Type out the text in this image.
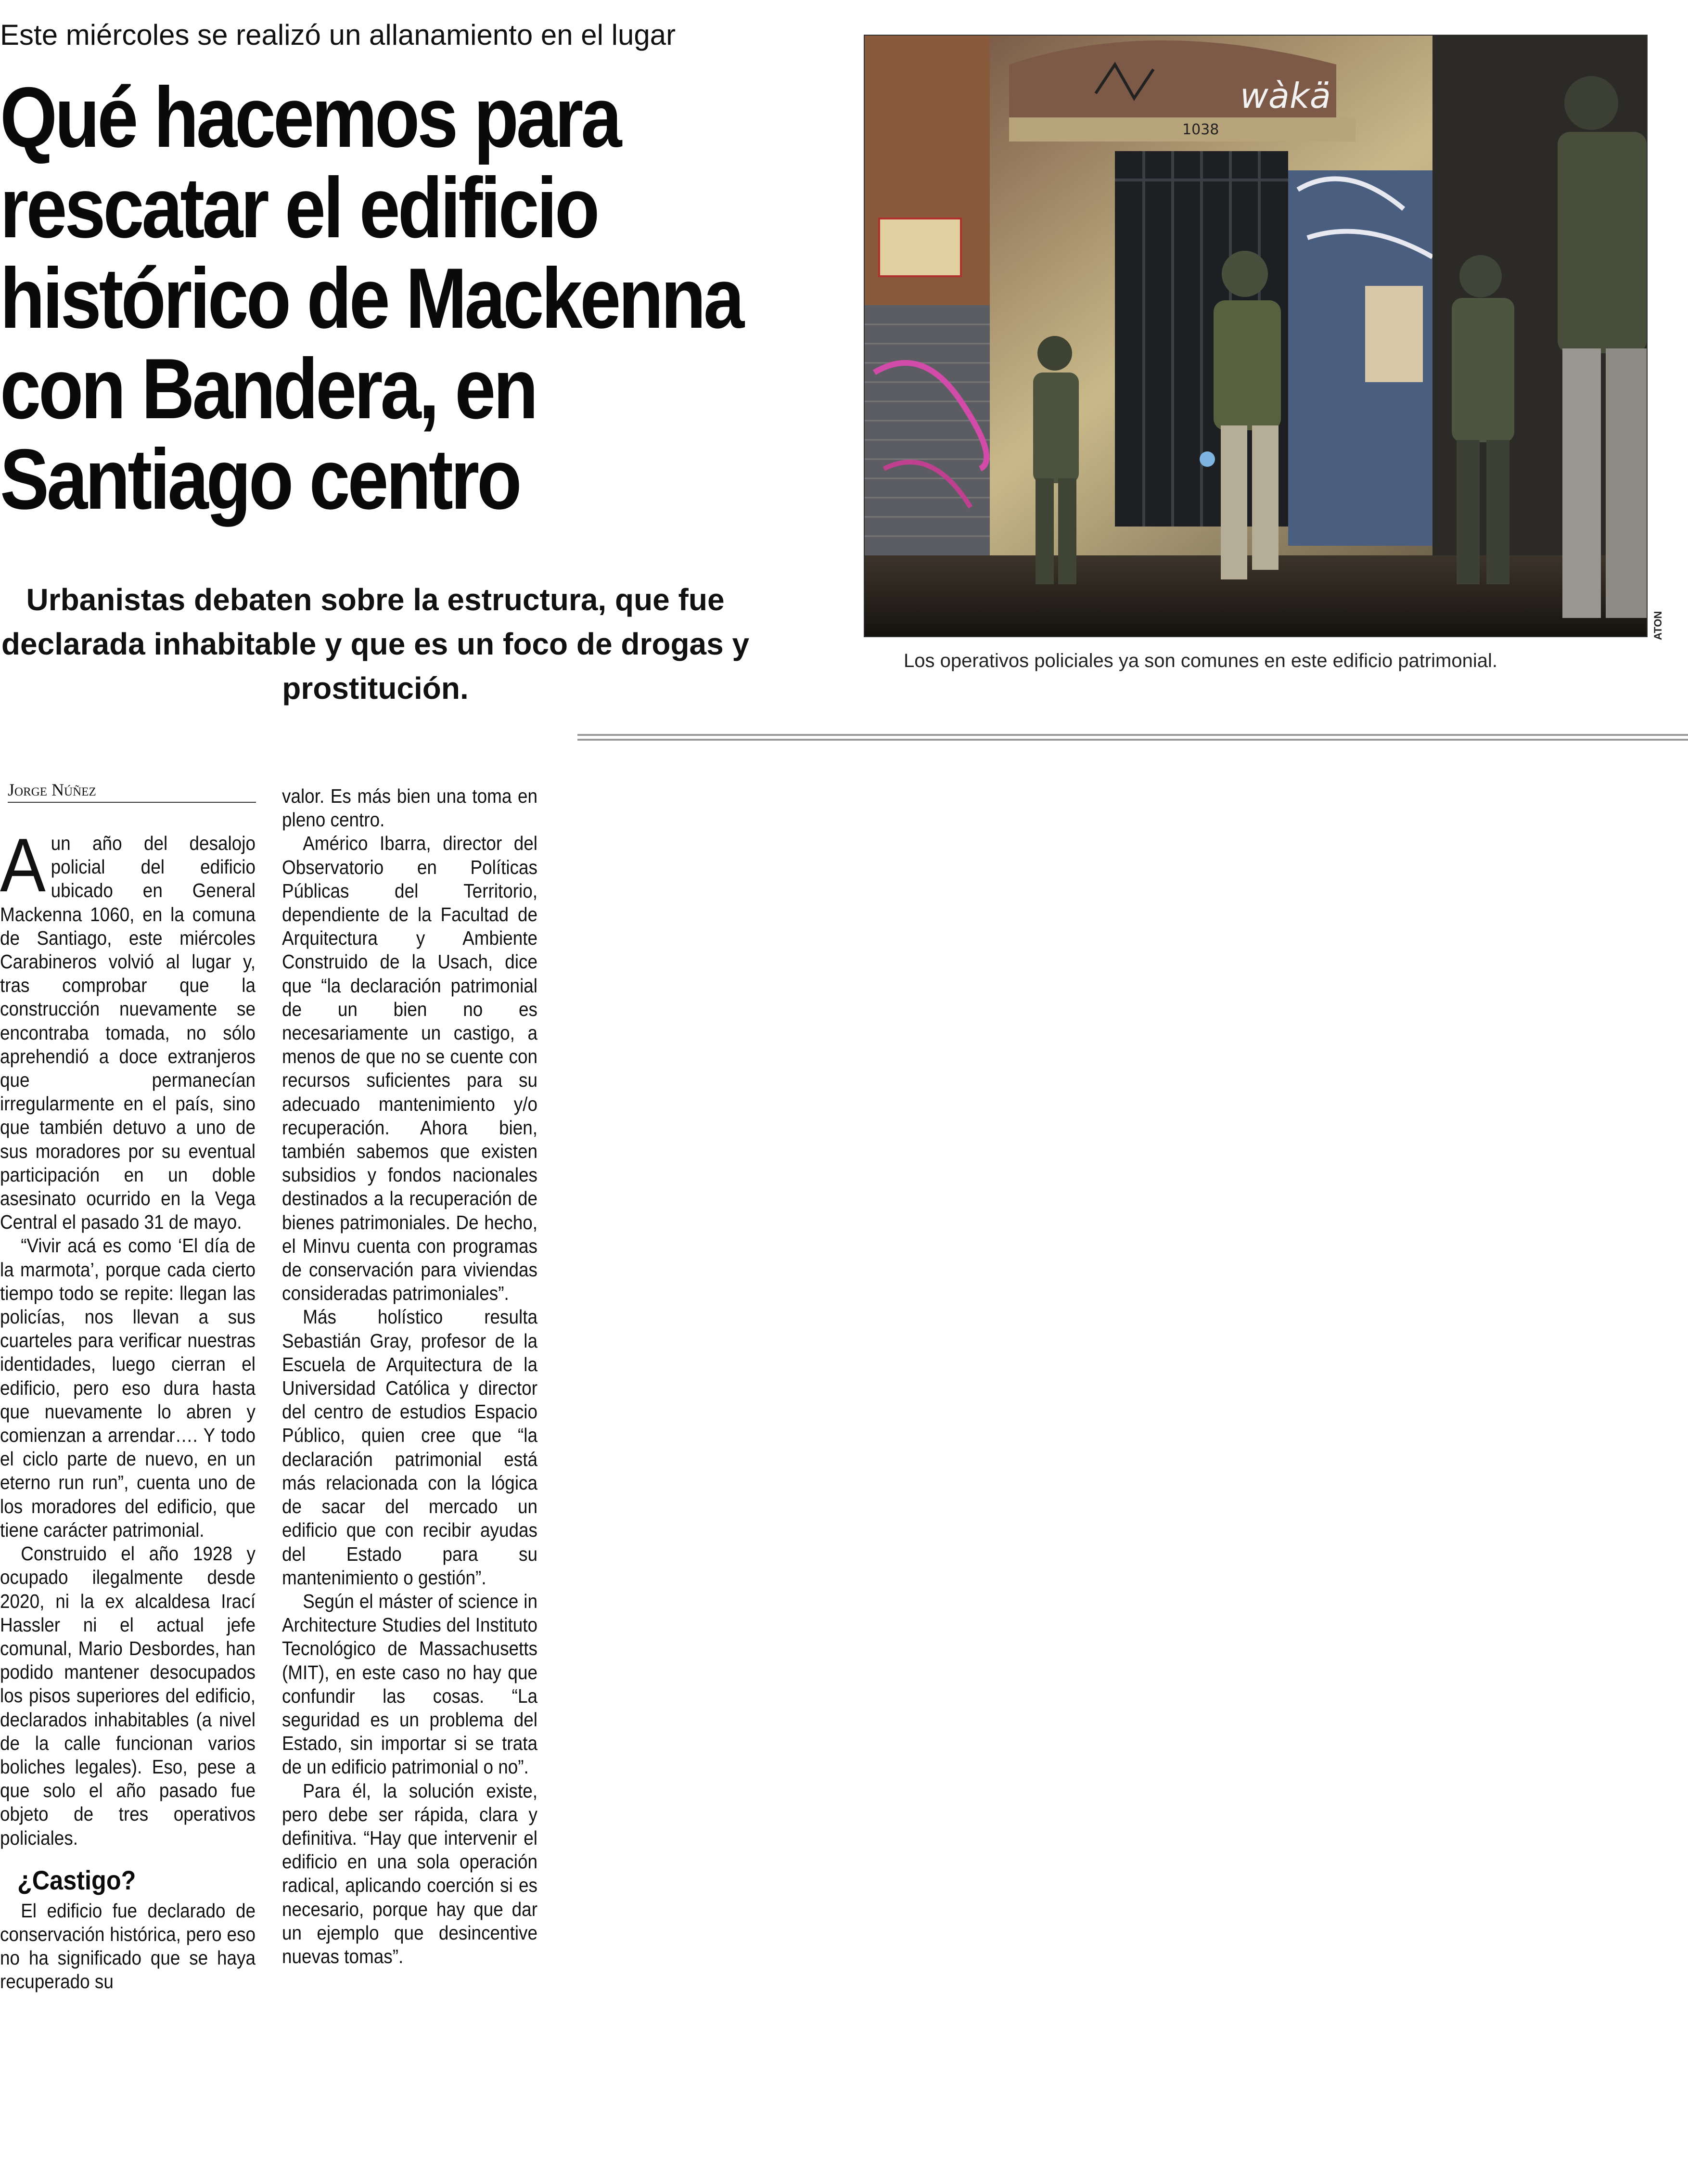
Este miércoles se realizó un allanamiento en el lugar
Qué hacemos para
rescatar el edificio
histórico de Mackenna
con Bandera, en
Santiago centro
Urbanistas debaten sobre la estructura, que fue declarada inhabitable y que es un foco de drogas y prostitución.
1038
wàkä
ATON
Los operativos policiales ya son comunes en este edificio patrimonial.
Jorge Núñez

Aun año del desalojo policial del edificio ubicado en General Mackenna 1060, en la comuna de Santiago, este miércoles Carabineros volvió al lugar y, tras comprobar que la construcción nuevamente se encontraba tomada, no sólo aprehendió a doce extranjeros que permanecían irregularmente en el país, sino que también detuvo a uno de sus moradores por su eventual participación en un doble asesinato ocurrido en la Vega Central el pasado 31 de mayo.

“Vivir acá es como ‘El día de la marmota’, porque cada cierto tiempo todo se repite: llegan las policías, nos llevan a sus cuarteles para verificar nuestras identidades, luego cierran el edificio, pero eso dura hasta que nuevamente lo abren y comienzan a arrendar…. Y todo el ciclo parte de nuevo, en un eterno run run”, cuenta uno de los moradores del edificio, que tiene carácter patrimonial.

Construido el año 1928 y ocupado ilegalmente desde 2020, ni la ex alcaldesa Irací Hassler ni el actual jefe comunal, Mario Desbordes, han podido mantener desocupados los pisos superiores del edificio, declarados inhabitables (a nivel de la calle funcionan varios boliches legales). Eso, pese a que solo el año pasado fue objeto de tres operativos policiales.

¿Castigo?

El edificio fue declarado de conservación histórica, pero eso no ha significado que se haya recuperado su

valor. Es más bien una toma en pleno centro.

Américo Ibarra, director del Observatorio en Políticas Públicas del Territorio, dependiente de la Facultad de Arquitectura y Ambiente Construido de la Usach, dice que “la declaración patrimonial de un bien no es necesariamente un castigo, a menos de que no se cuente con recursos suficientes para su adecuado mantenimiento y/o recuperación. Ahora bien, también sabemos que existen subsidios y fondos nacionales destinados a la recuperación de bienes patrimoniales. De hecho, el Minvu cuenta con programas de conservación para viviendas consideradas patrimoniales”.

Más holístico resulta Sebastián Gray, profesor de la Escuela de Arquitectura de la Universidad Católica y director del centro de estudios Espacio Público, quien cree que “la declaración patrimonial está más relacionada con la lógica de sacar del mercado un edificio que con recibir ayudas del Estado para su mantenimiento o gestión”.

Según el máster of science in Architecture Studies del Instituto Tecnológico de Massachusetts (MIT), en este caso no hay que confundir las cosas. “La seguridad es un problema del Estado, sin importar si se trata de un edificio patrimonial o no”.

Para él, la solución existe, pero debe ser rápida, clara y definitiva. “Hay que intervenir el edificio en una sola operación radical, aplicando coerción si es necesario, porque hay que dar un ejemplo que desincentive nuevas tomas”.
